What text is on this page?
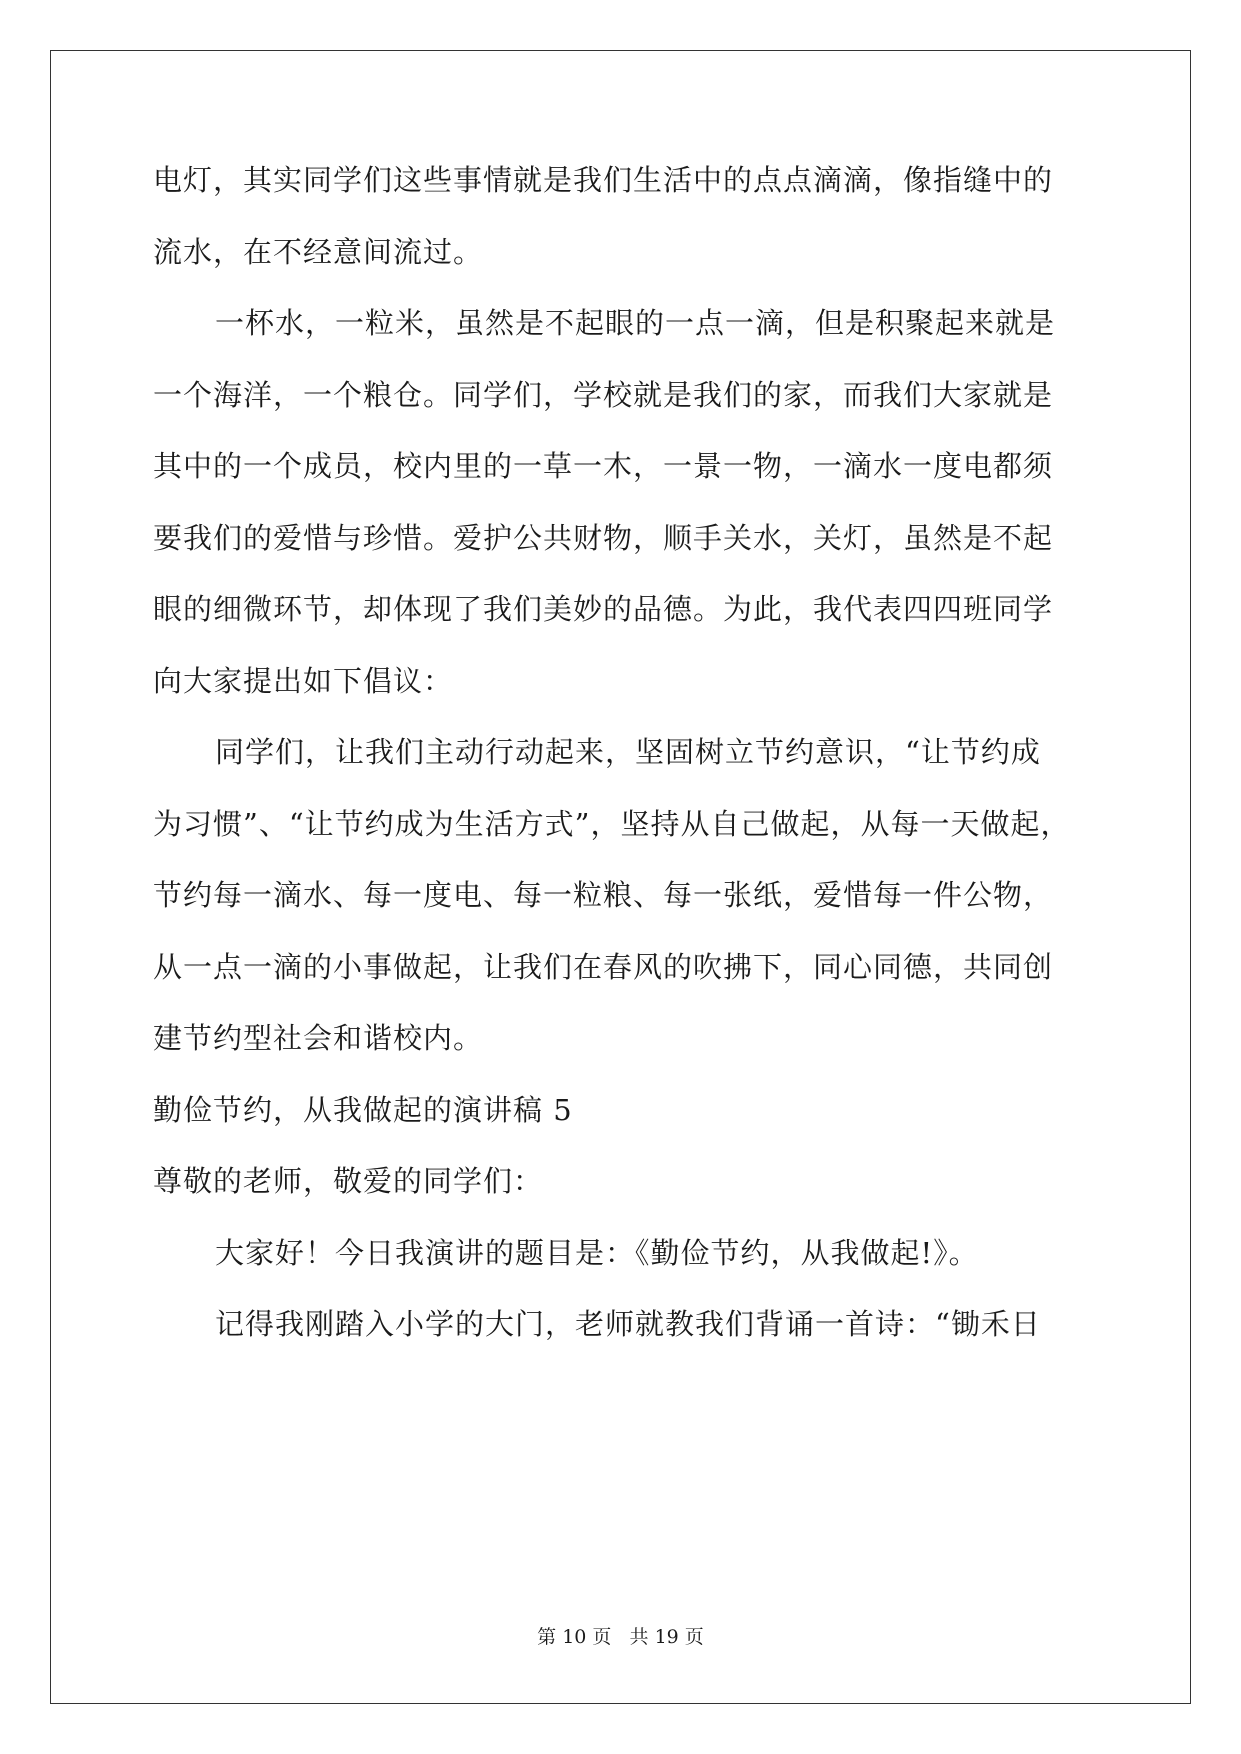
电灯，其实同学们这些事情就是我们生活中的点点滴滴，像指缝中的
流水，在不经意间流过。
一杯水，一粒米，虽然是不起眼的一点一滴，但是积聚起来就是
一个海洋，一个粮仓。同学们，学校就是我们的家，而我们大家就是
其中的一个成员，校内里的一草一木，一景一物，一滴水一度电都须
要我们的爱惜与珍惜。爱护公共财物，顺手关水，关灯，虽然是不起
眼的细微环节，却体现了我们美妙的品德。为此，我代表四四班同学
向大家提出如下倡议：
同学们，让我们主动行动起来，坚固树立节约意识，“让节约成
为习惯”、“让节约成为生活方式”，坚持从自己做起，从每一天做起，
节约每一滴水、每一度电、每一粒粮、每一张纸，爱惜每一件公物，
从一点一滴的小事做起，让我们在春风的吹拂下，同心同德，共同创
建节约型社会和谐校内。
勤俭节约，从我做起的演讲稿 5
尊敬的老师，敬爱的同学们：
大家好！今日我演讲的题目是：《勤俭节约，从我做起!》。
记得我刚踏入小学的大门，老师就教我们背诵一首诗：“锄禾日
第 10 页   共 19 页
